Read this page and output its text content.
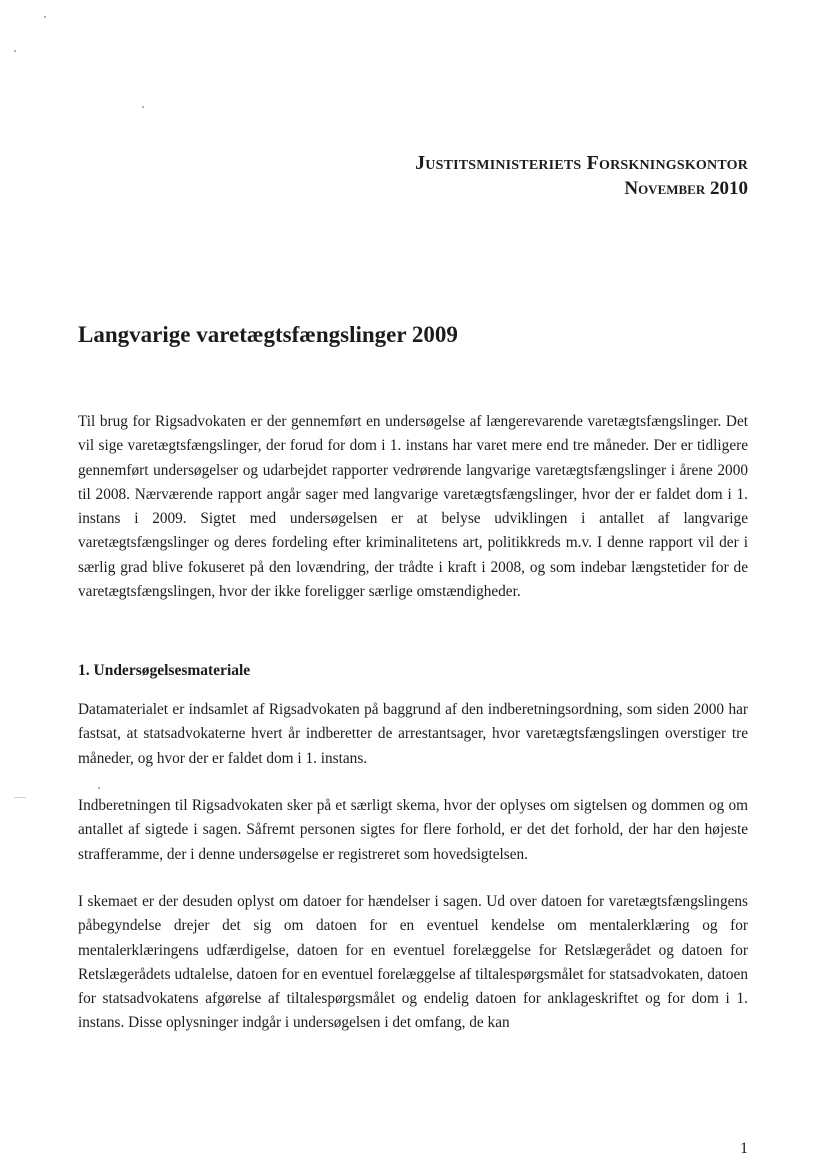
Justitsministeriets Forskningskontor
November 2010
Langvarige varetægtsfængslinger 2009

Til brug for Rigsadvokaten er der gennemført en undersøgelse af længerevarende varetægtsfængslinger. Det vil sige varetægtsfængslinger, der forud for dom i 1. instans har varet mere end tre måneder. Der er tidligere gennemført undersøgelser og udarbejdet rapporter vedrørende langvarige varetægtsfængslinger i årene 2000 til 2008. Nærværende rapport angår sager med langvarige varetægtsfængslinger, hvor der er faldet dom i 1. instans i 2009. Sigtet med undersøgelsen er at belyse udviklingen i antallet af langvarige varetægtsfængslinger og deres fordeling efter kriminalitetens art, politikkreds m.v. I denne rapport vil der i særlig grad blive fokuseret på den lovændring, der trådte i kraft i 2008, og som indebar længstetider for de varetægtsfængslingen, hvor der ikke foreligger særlige omstændigheder.

1. Undersøgelsesmateriale

Datamaterialet er indsamlet af Rigsadvokaten på baggrund af den indberetningsordning, som siden 2000 har fastsat, at statsadvokaterne hvert år indberetter de arrestantsager, hvor varetægtsfængslingen overstiger tre måneder, og hvor der er faldet dom i 1. instans.

Indberetningen til Rigsadvokaten sker på et særligt skema, hvor der oplyses om sigtelsen og dommen og om antallet af sigtede i sagen. Såfremt personen sigtes for flere forhold, er det det forhold, der har den højeste strafferamme, der i denne undersøgelse er registreret som hovedsigtelsen.

I skemaet er der desuden oplyst om datoer for hændelser i sagen. Ud over datoen for varetægtsfængslingens påbegyndelse drejer det sig om datoen for en eventuel kendelse om mentalerklæring og for mentalerklæringens udfærdigelse, datoen for en eventuel forelæggelse for Retslægerådet og datoen for Retslægerådets udtalelse, datoen for en eventuel forelæggelse af tiltalespørgsmålet for statsadvokaten, datoen for statsadvokatens afgørelse af tiltalespørgsmålet og endelig datoen for anklageskriftet og for dom i 1. instans. Disse oplysninger indgår i undersøgelsen i det omfang, de kan

1
